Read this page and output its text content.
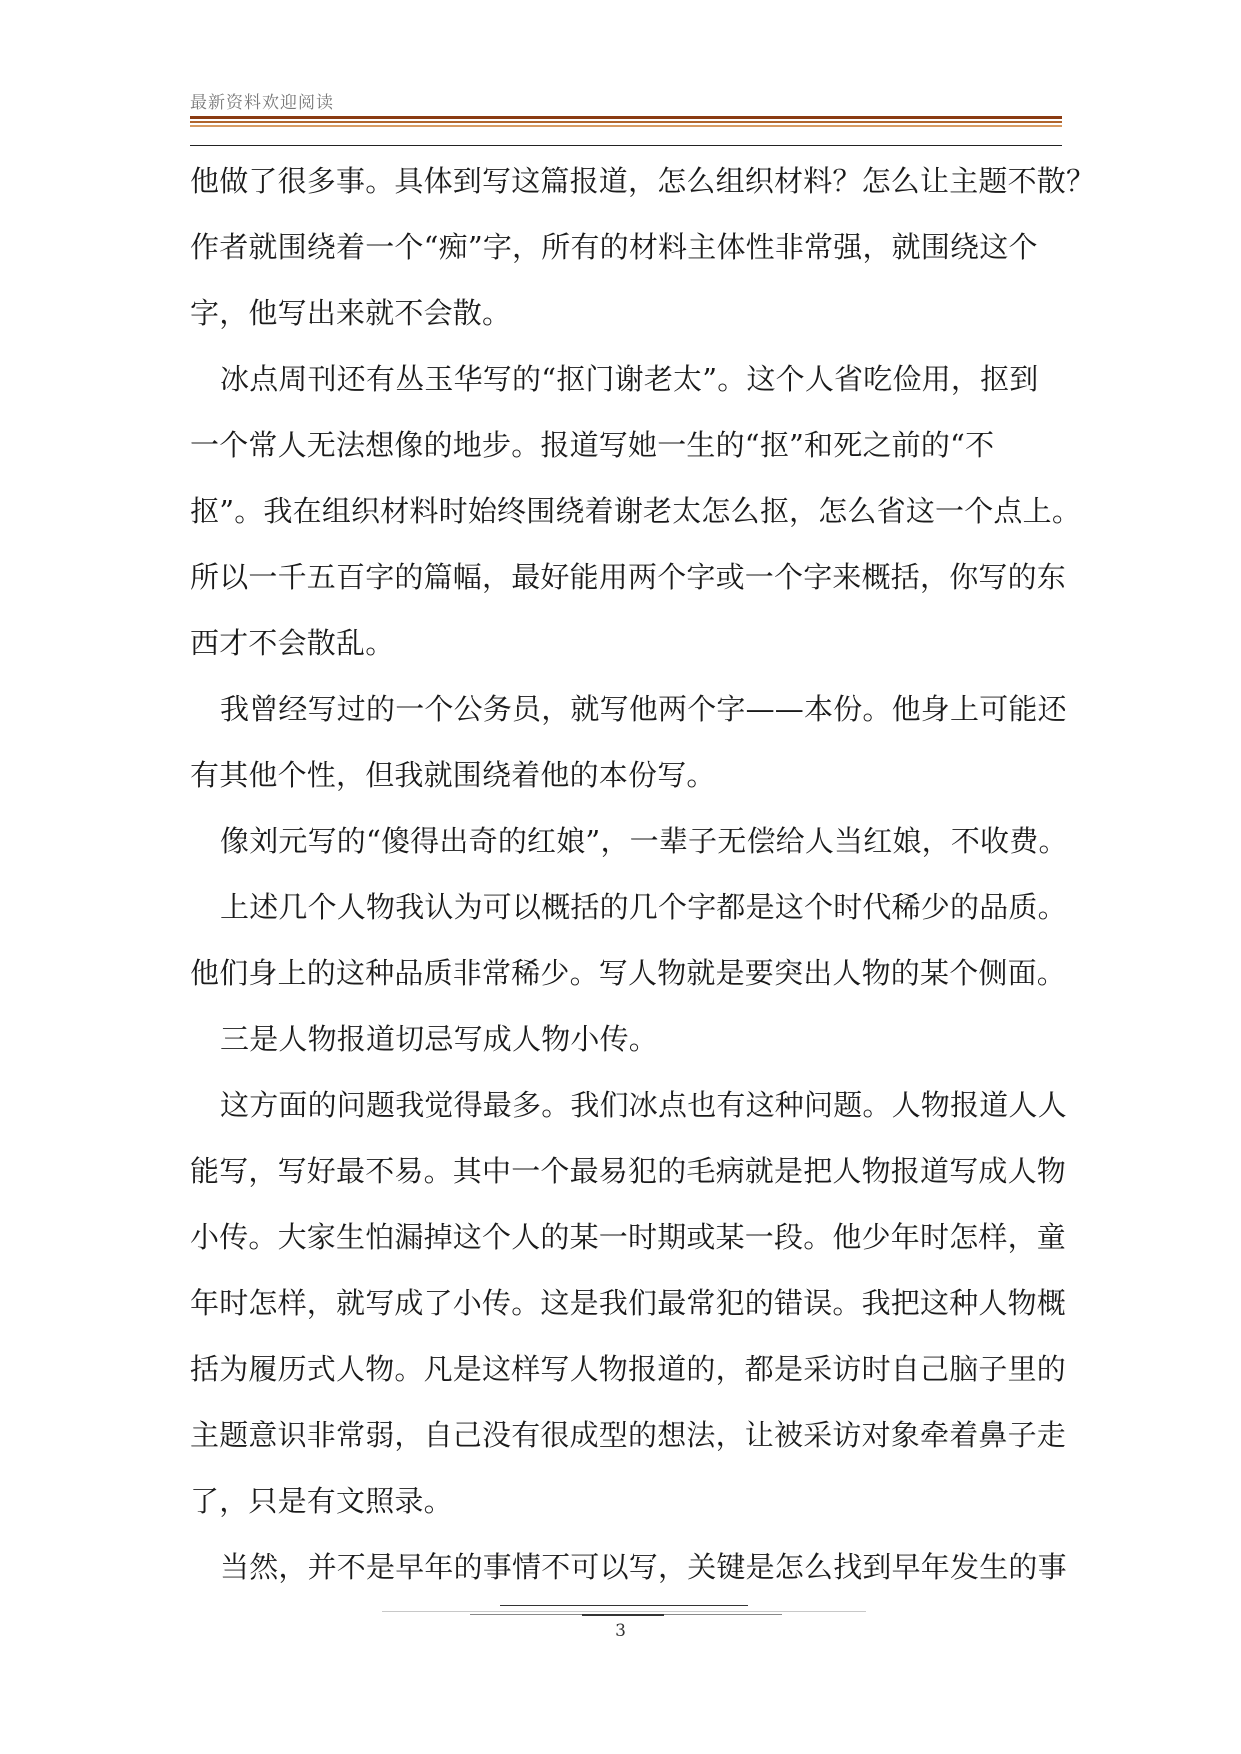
最新资料欢迎阅读
他做了很多事。具体到写这篇报道，怎么组织材料？怎么让主题不散？
作者就围绕着一个“痴”字，所有的材料主体性非常强，就围绕这个
字，他写出来就不会散。
冰点周刊还有丛玉华写的“抠门谢老太”。这个人省吃俭用，抠到
一个常人无法想像的地步。报道写她一生的“抠”和死之前的“不
抠”。我在组织材料时始终围绕着谢老太怎么抠，怎么省这一个点上。
所以一千五百字的篇幅，最好能用两个字或一个字来概括，你写的东
西才不会散乱。
我曾经写过的一个公务员，就写他两个字——本份。他身上可能还
有其他个性，但我就围绕着他的本份写。
像刘元写的“傻得出奇的红娘”，一辈子无偿给人当红娘，不收费。
上述几个人物我认为可以概括的几个字都是这个时代稀少的品质。
他们身上的这种品质非常稀少。写人物就是要突出人物的某个侧面。
三是人物报道切忌写成人物小传。
这方面的问题我觉得最多。我们冰点也有这种问题。人物报道人人
能写，写好最不易。其中一个最易犯的毛病就是把人物报道写成人物
小传。大家生怕漏掉这个人的某一时期或某一段。他少年时怎样，童
年时怎样，就写成了小传。这是我们最常犯的错误。我把这种人物概
括为履历式人物。凡是这样写人物报道的，都是采访时自己脑子里的
主题意识非常弱，自己没有很成型的想法，让被采访对象牵着鼻子走
了，只是有文照录。
当然，并不是早年的事情不可以写，关键是怎么找到早年发生的事
3
